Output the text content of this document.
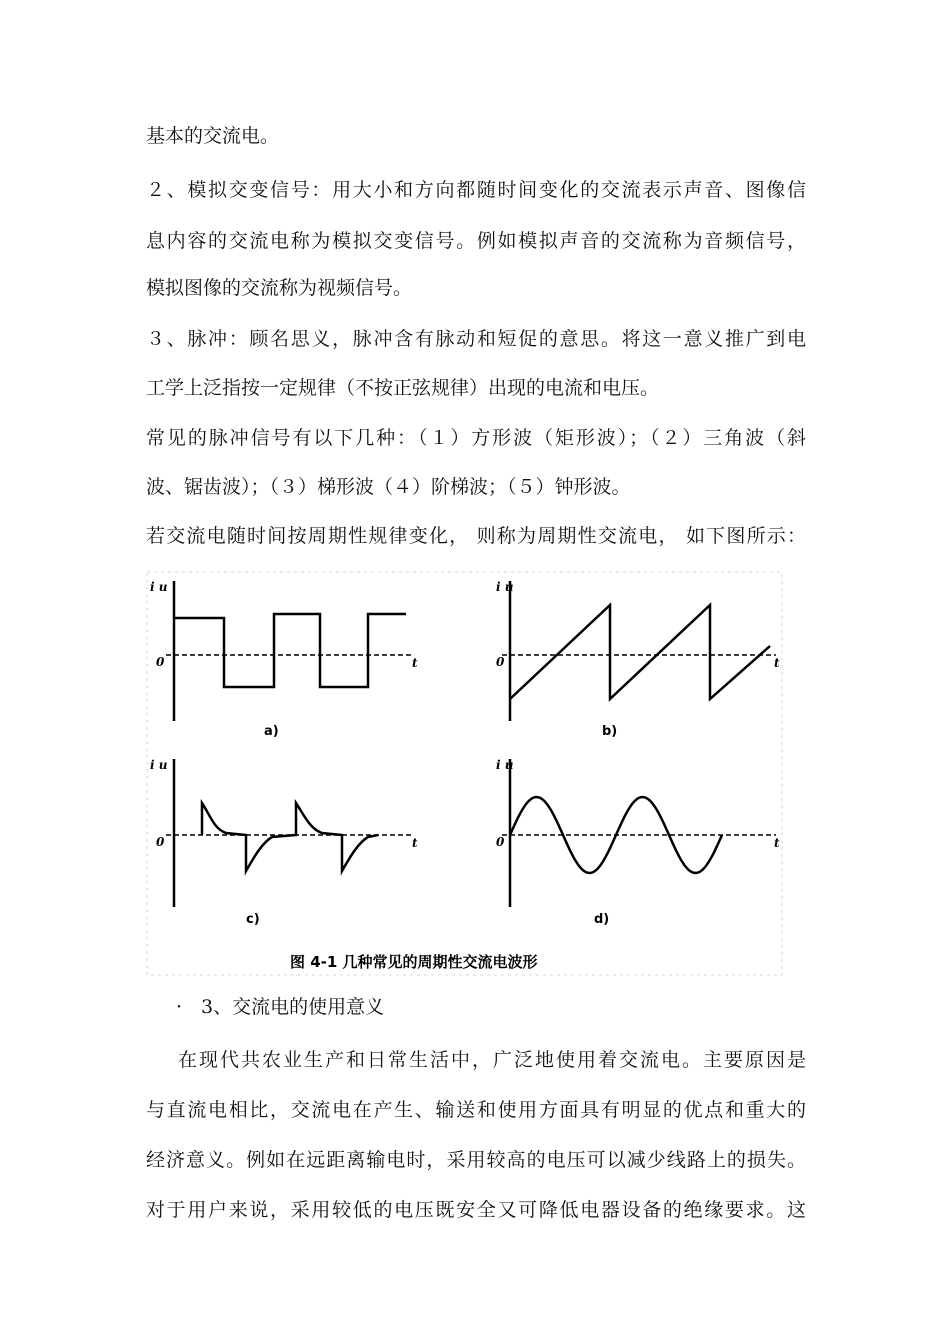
基本的交流电。

２、模拟交变信号：用大小和方向都随时间变化的交流表示声音、图像信

息内容的交流电称为模拟交变信号。例如模拟声音的交流称为音频信号，

模拟图像的交流称为视频信号。

３、脉冲：顾名思义，脉冲含有脉动和短促的意思。将这一意义推广到电

工学上泛指按一定规律（不按正弦规律）出现的电流和电压。

常见的脉冲信号有以下几种：（１）方形波（矩形波）；（２）三角波（斜

波、锯齿波）；（３）梯形波（４）阶梯波；（５）钟形波。

若交流电随时间按周期性规律变化， 则称为周期性交流电， 如下图所示：

i u
0	t
a)
i u
0	t
b)
i u
0	t
c)
i u
0	t
d)
图 4-1 几种常见的周期性交流电波形
· 3、交流电的使用意义

在现代共农业生产和日常生活中，广泛地使用着交流电。主要原因是

与直流电相比，交流电在产生、输送和使用方面具有明显的优点和重大的

经济意义。例如在远距离输电时，采用较高的电压可以减少线路上的损失。

对于用户来说，采用较低的电压既安全又可降低电器设备的绝缘要求。这
